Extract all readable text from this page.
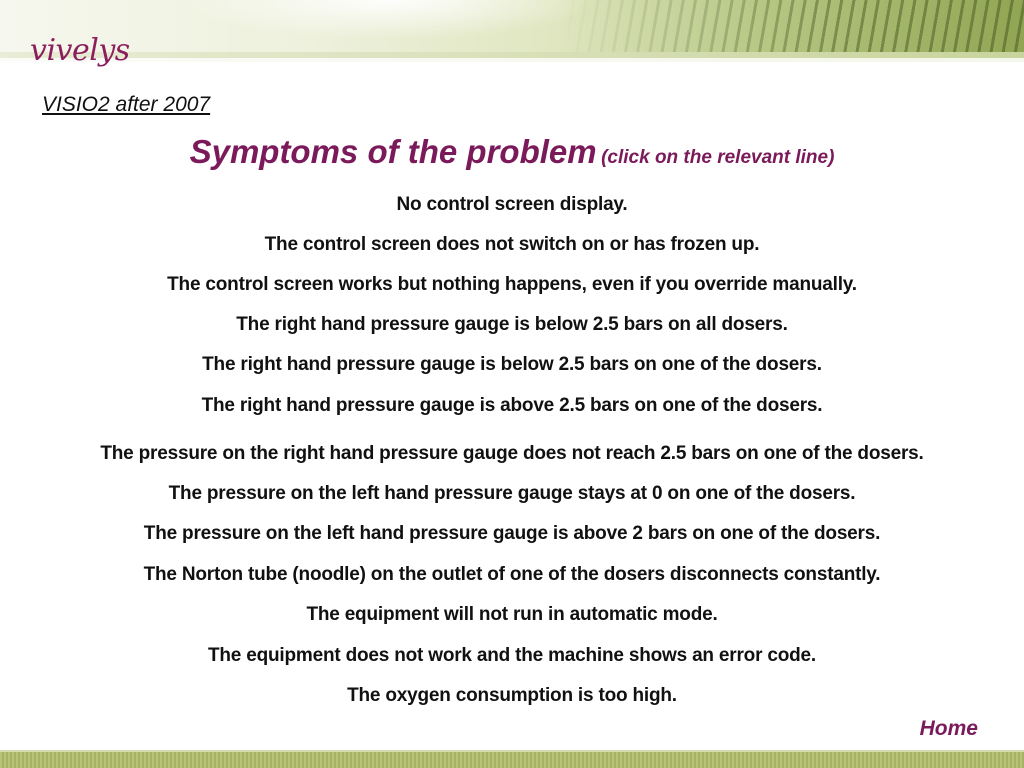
vivelys
VISIO2 after 2007
Symptoms of the problem (click on the relevant line)
No control screen display.
The control screen does not switch on or has frozen up.
The control screen works but nothing happens, even if you override manually.
The right hand pressure gauge is below 2.5 bars on all dosers.
The right hand pressure gauge is below 2.5 bars on one of the dosers.
The right hand pressure gauge is above 2.5 bars on one of the dosers.
The pressure on the right hand pressure gauge does not reach 2.5 bars on one of the dosers.
The pressure on the left hand pressure gauge stays at 0 on one of the dosers.
The pressure on the left hand pressure gauge is above 2 bars on one of the dosers.
The Norton tube (noodle) on the outlet of one of the dosers disconnects constantly.
The equipment will not run in automatic mode.
The equipment does not work and the machine shows an error code.
The oxygen consumption is too high.
Home
